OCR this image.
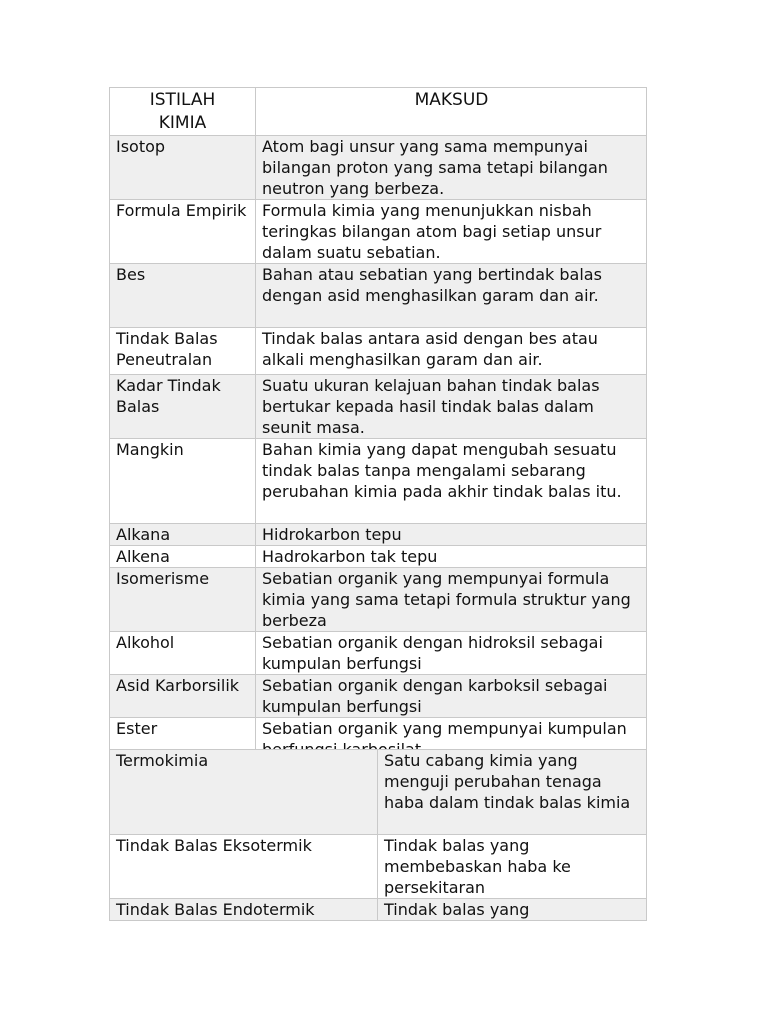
ISTILAH KIMIA	MAKSUD
Isotop	Atom bagi unsur yang sama mempunyai bilangan proton yang sama tetapi bilangan neutron yang berbeza.
Formula Empirik	Formula kimia yang menunjukkan nisbah teringkas bilangan atom bagi setiap unsur dalam suatu sebatian.
Bes	Bahan atau sebatian yang bertindak balas dengan asid menghasilkan garam dan air.
Tindak Balas Peneutralan	Tindak balas antara asid dengan bes atau alkali menghasilkan garam dan air.
Kadar Tindak Balas	Suatu ukuran kelajuan bahan tindak balas bertukar kepada hasil tindak balas dalam seunit masa.
Mangkin	Bahan kimia yang dapat mengubah sesuatu tindak balas tanpa mengalami sebarang perubahan kimia pada akhir tindak balas itu.
Alkana	Hidrokarbon tepu
Alkena	Hadrokarbon tak tepu
Isomerisme	Sebatian organik yang mempunyai formula kimia yang sama tetapi formula struktur yang berbeza
Alkohol	Sebatian organik dengan hidroksil sebagai kumpulan berfungsi
Asid Karborsilik	Sebatian organik dengan karboksil sebagai kumpulan berfungsi
Ester	Sebatian organik yang mempunyai kumpulan
Termokimia	Satu cabang kimia yang menguji perubahan tenaga haba dalam tindak balas kimia
Tindak Balas Eksotermik	Tindak balas yang membebaskan haba ke persekitaran
Tindak Balas Endotermik	Tindak balas yang
